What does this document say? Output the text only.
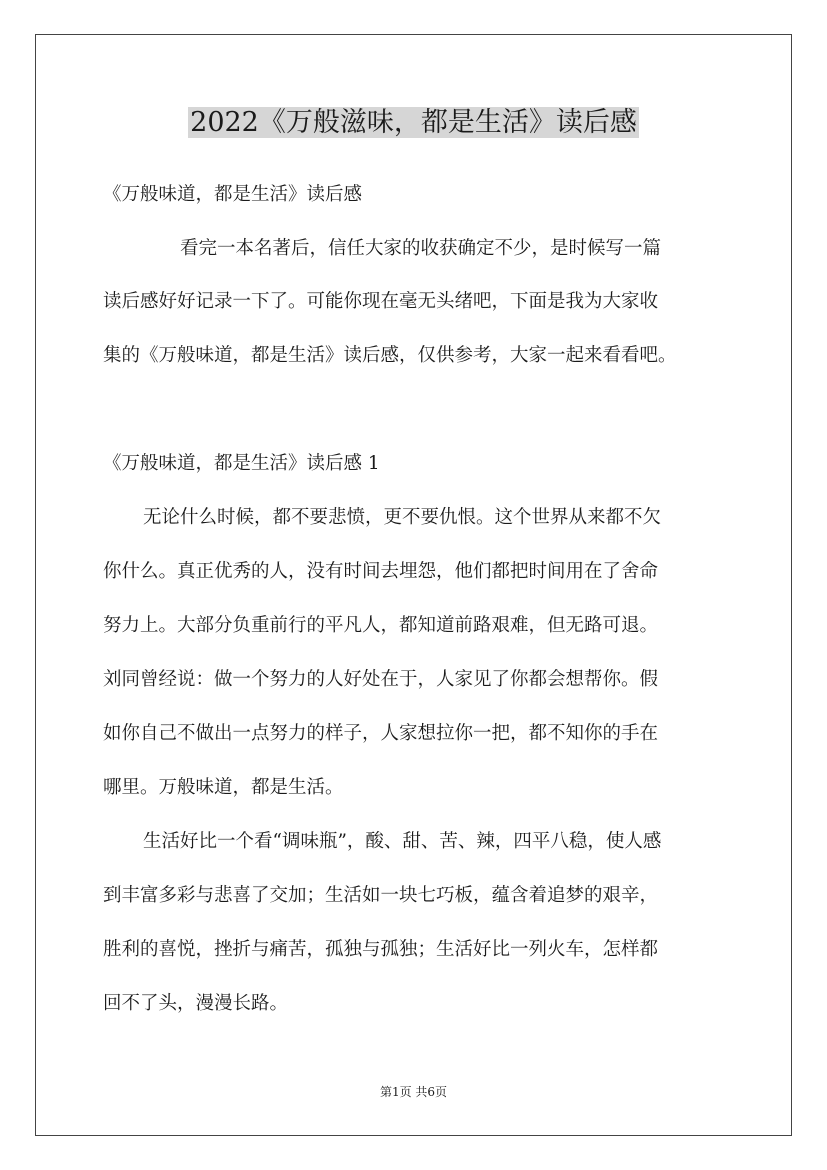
2022《万般滋味，都是生活》读后感
《万般味道，都是生活》读后感
看完一本名著后，信任大家的收获确定不少，是时候写一篇
读后感好好记录一下了。可能你现在毫无头绪吧，下面是我为大家收
集的《万般味道，都是生活》读后感，仅供参考，大家一起来看看吧。
《万般味道，都是生活》读后感 1
无论什么时候，都不要悲愤，更不要仇恨。这个世界从来都不欠
你什么。真正优秀的人，没有时间去埋怨，他们都把时间用在了舍命
努力上。大部分负重前行的平凡人，都知道前路艰难，但无路可退。
刘同曾经说：做一个努力的人好处在于，人家见了你都会想帮你。假
如你自己不做出一点努力的样子，人家想拉你一把，都不知你的手在
哪里。万般味道，都是生活。
生活好比一个看“调味瓶”，酸、甜、苦、辣，四平八稳，使人感
到丰富多彩与悲喜了交加；生活如一块七巧板，蕴含着追梦的艰辛，
胜利的喜悦，挫折与痛苦，孤独与孤独；生活好比一列火车，怎样都
回不了头，漫漫长路。
第1页 共6页
